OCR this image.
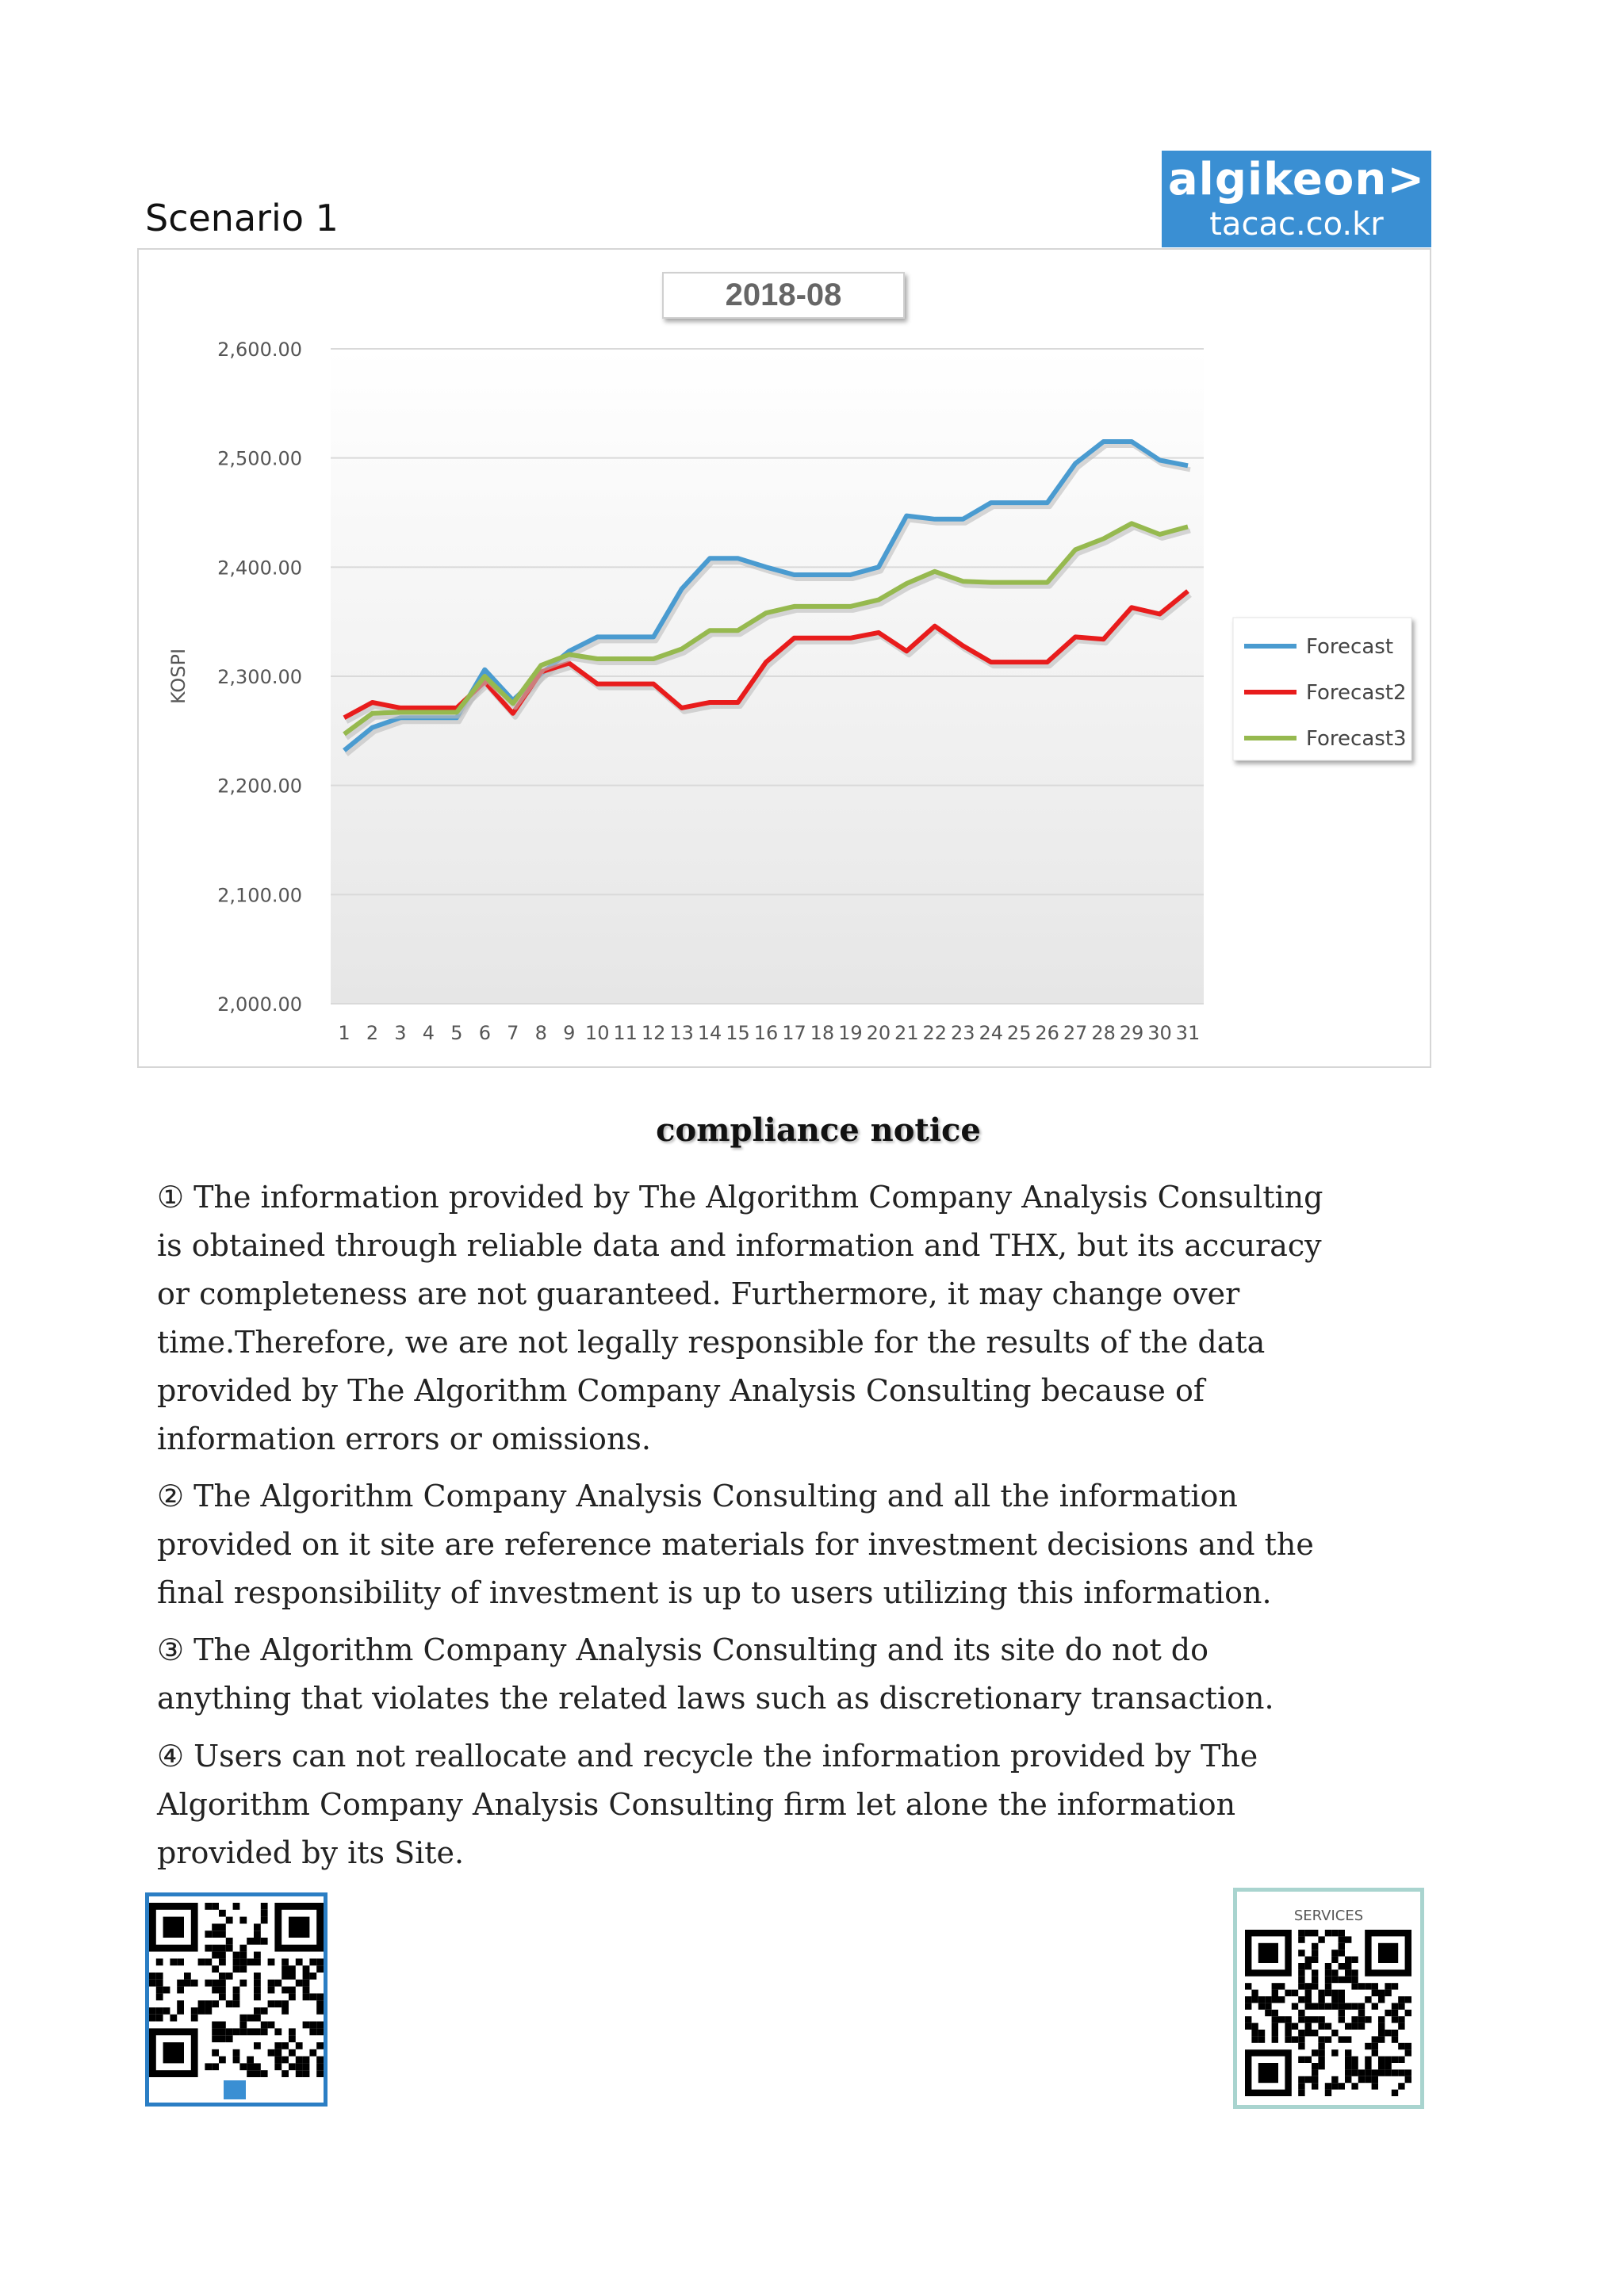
Scenario 1
algikeon>
tacac.co.kr
2,000.00
2,100.00
2,200.00
2,300.00
2,400.00
2,500.00
2,600.00
1 2 3 4 5 6 7 8 9 10 11 12 13 14 15 16 17 18 19 20 21 22 23 24 25 26 27 28 29 30 31
2018-08
KOSPI
Forecast
Forecast2
Forecast3
compliance notice
① The information provided by The Algorithm Company Analysis Consulting
is obtained through reliable data and information and THX, but its accuracy
or completeness are not guaranteed. Furthermore, it may change over
time.Therefore, we are not legally responsible for the results of the data
provided by The Algorithm Company Analysis Consulting because of
information errors or omissions.
② The Algorithm Company Analysis Consulting and all the information
provided on it site are reference materials for investment decisions and the
final responsibility of investment is up to users utilizing this information.
③ The Algorithm Company Analysis Consulting and its site do not do
anything that violates the related laws such as discretionary transaction.
④ Users can not reallocate and recycle the information provided by The
Algorithm Company Analysis Consulting firm let alone the information
provided by its Site.
SERVICES
